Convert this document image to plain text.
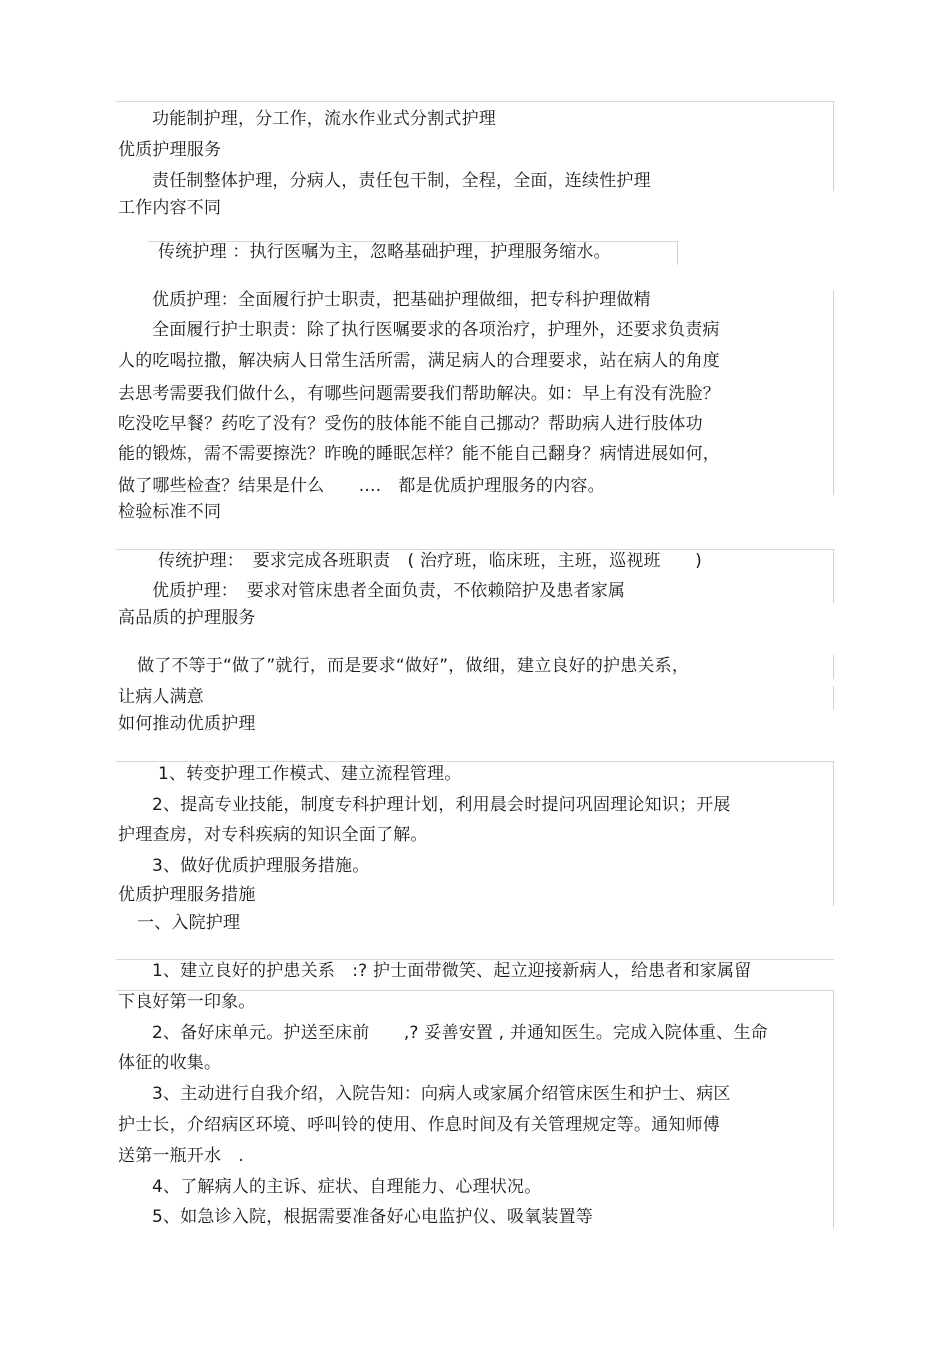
功能制护理，分工作，流水作业式分割式护理
优质护理服务
责任制整体护理，分病人，责任包干制，全程，全面，连续性护理
工作内容不同
传统护理 ：执行医嘱为主，忽略基础护理，护理服务缩水。
优质护理：全面履行护士职责，把基础护理做细，把专科护理做精
全面履行护士职责：除了执行医嘱要求的各项治疗，护理外，还要求负责病
人的吃喝拉撒，解决病人日常生活所需，满足病人的合理要求，站在病人的角度
去思考需要我们做什么，有哪些问题需要我们帮助解决。如：早上有没有洗脸？
吃没吃早餐？药吃了没有？受伤的肢体能不能自己挪动？帮助病人进行肢体功
能的锻炼，需不需要擦洗？昨晚的睡眠怎样？能不能自己翻身？病情进展如何，
做了哪些检查？结果是什么　　....　都是优质护理服务的内容。
检验标准不同
传统护理：　要求完成各班职责　( 治疗班，临床班，主班，巡视班　　)
优质护理：　要求对管床患者全面负责，不依赖陪护及患者家属
高品质的护理服务
做了不等于“做了”就行，而是要求“做好”，做细，建立良好的护患关系，
让病人满意
如何推动优质护理
1、转变护理工作模式、建立流程管理。
2、提高专业技能，制度专科护理计划，利用晨会时提问巩固理论知识；开展
护理查房，对专科疾病的知识全面了解。
3、做好优质护理服务措施。
优质护理服务措施
一、入院护理
1、建立良好的护患关系　:? 护士面带微笑、起立迎接新病人，给患者和家属留
下良好第一印象。
2、备好床单元。护送至床前　　,? 妥善安置 , 并通知医生。完成入院体重、生命
体征的收集。
3、主动进行自我介绍，入院告知：向病人或家属介绍管床医生和护士、病区
护士长，介绍病区环境、呼叫铃的使用、作息时间及有关管理规定等。通知师傅
送第一瓶开水　.
4、了解病人的主诉、症状、自理能力、心理状况。
5、如急诊入院，根据需要准备好心电监护仪、吸氧装置等
